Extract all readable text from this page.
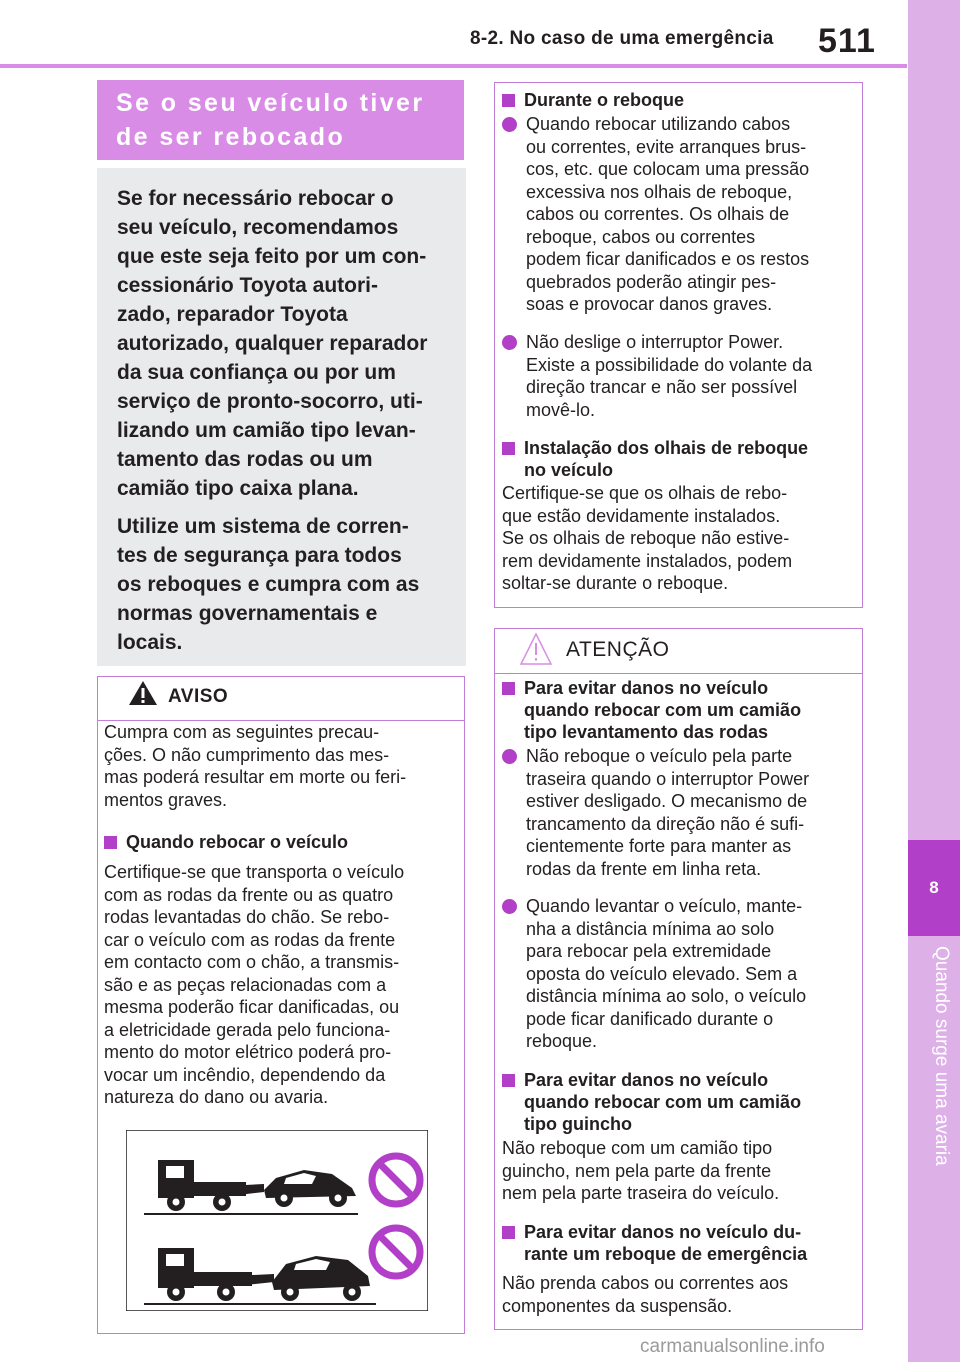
8-2. No caso de uma emergência 511
8
Quando surge uma avaria
Se o seu veículo tiver de ser rebocado
Se for necessário rebocar o
seu veículo, recomendamos
que este seja feito por um con-
cessionário Toyota autori-
zado, reparador Toyota
autorizado, qualquer reparador
da sua confiança ou por um
serviço de pronto-socorro, uti-
lizando um camião tipo levan-
tamento das rodas ou um
camião tipo caixa plana.
Utilize um sistema de corren-
tes de segurança para todos
os reboques e cumpra com as
normas governamentais e
locais.
AVISO
Cumpra com as seguintes precau-
ções. O não cumprimento das mes-
mas poderá resultar em morte ou feri-
mentos graves.
Quando rebocar o veículo
Certifique-se que transporta o veículo
com as rodas da frente ou as quatro
rodas levantadas do chão. Se rebo-
car o veículo com as rodas da frente
em contacto com o chão, a transmis-
são e as peças relacionadas com a
mesma poderão ficar danificadas, ou
a eletricidade gerada pelo funciona-
mento do motor elétrico poderá pro-
vocar um incêndio, dependendo da
natureza do dano ou avaria.
Durante o reboque
Quando rebocar utilizando cabos
ou correntes, evite arranques brus-
cos, etc. que colocam uma pressão
excessiva nos olhais de reboque,
cabos ou correntes. Os olhais de
reboque, cabos ou correntes
podem ficar danificados e os restos
quebrados poderão atingir pes-
soas e provocar danos graves.
Não deslige o interruptor Power.
Existe a possibilidade do volante da
direção trancar e não ser possível
movê-lo.
Instalação dos olhais de reboque
no veículo
Certifique-se que os olhais de rebo-
que estão devidamente instalados.
Se os olhais de reboque não estive-
rem devidamente instalados, podem
soltar-se durante o reboque.
ATENÇÃO
Para evitar danos no veículo
quando rebocar com um camião
tipo levantamento das rodas
Não reboque o veículo pela parte
traseira quando o interruptor Power
estiver desligado. O mecanismo de
trancamento da direção não é sufi-
cientemente forte para manter as
rodas da frente em linha reta.
Quando levantar o veículo, mante-
nha a distância mínima ao solo
para rebocar pela extremidade
oposta do veículo elevado. Sem a
distância mínima ao solo, o veículo
pode ficar danificado durante o
reboque.
Para evitar danos no veículo
quando rebocar com um camião
tipo guincho
Não reboque com um camião tipo
guincho, nem pela parte da frente
nem pela parte traseira do veículo.
Para evitar danos no veículo du-
rante um reboque de emergência
Não prenda cabos ou correntes aos
componentes da suspensão.
carmanualsonline.info
